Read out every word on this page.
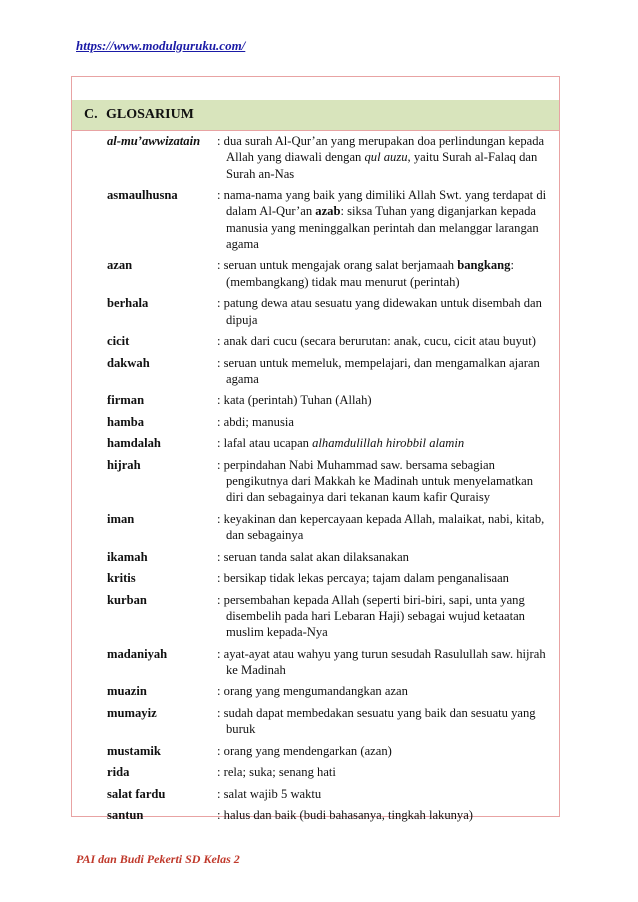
https://www.modulguruku.com/
C. GLOSARIUM
al-mu’awwizatain	: dua surah Al-Qur’an yang merupakan doa perlindungan kepada Allah yang diawali dengan qul auzu, yaitu Surah al-Falaq dan Surah an-Nas
asmaulhusna	: nama-nama yang baik yang dimiliki Allah Swt. yang terdapat di dalam Al-Qur’an azab: siksa Tuhan yang diganjarkan kepada manusia yang meninggalkan perintah dan melanggar larangan agama
azan	: seruan untuk mengajak orang salat berjamaah bangkang: (membangkang) tidak mau menurut (perintah)
berhala	: patung dewa atau sesuatu yang didewakan untuk disembah dan dipuja
cicit	: anak dari cucu (secara berurutan: anak, cucu, cicit atau buyut)
dakwah	: seruan untuk memeluk, mempelajari, dan mengamalkan ajaran agama
firman	: kata (perintah) Tuhan (Allah)
hamba	: abdi; manusia
hamdalah	: lafal atau ucapan alhamdulillah hirobbil alamin
hijrah	: perpindahan Nabi Muhammad saw. bersama sebagian pengikutnya dari Makkah ke Madinah untuk menyelamatkan diri dan sebagainya dari tekanan kaum kafir Quraisy
iman	: keyakinan dan kepercayaan kepada Allah, malaikat, nabi, kitab, dan sebagainya
ikamah	: seruan tanda salat akan dilaksanakan
kritis	: bersikap tidak lekas percaya; tajam dalam penganalisaan
kurban	: persembahan kepada Allah (seperti biri-biri, sapi, unta yang disembelih pada hari Lebaran Haji) sebagai wujud ketaatan muslim kepada-Nya
madaniyah	: ayat-ayat atau wahyu yang turun sesudah Rasulullah saw. hijrah ke Madinah
muazin	: orang yang mengumandangkan azan
mumayiz	: sudah dapat membedakan sesuatu yang baik dan sesuatu yang buruk
mustamik	: orang yang mendengarkan (azan)
rida	: rela; suka; senang hati
salat fardu	: salat wajib 5 waktu
santun	: halus dan baik (budi bahasanya, tingkah lakunya)
PAI dan Budi Pekerti SD Kelas 2
